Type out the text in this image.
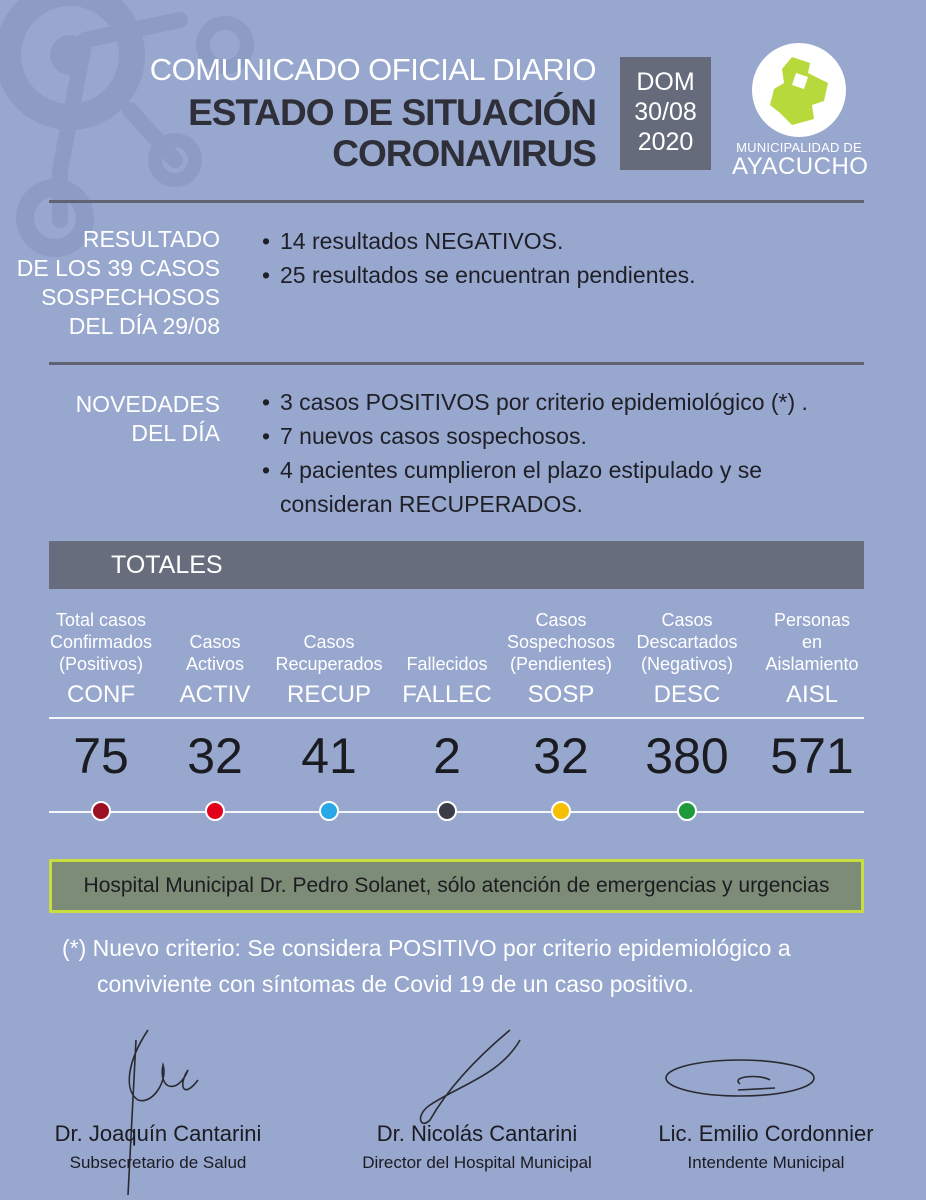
COMUNICADO OFICIAL DIARIO
ESTADO DE SITUACIÓN
CORONAVIRUS
DOM
30/08
2020	MUNICIPALIDAD DE
AYACUCHO
RESULTADO
DE LOS 39 CASOS
SOSPECHOSOS
DEL DÍA 29/08
• 14 resultados NEGATIVOS.
• 25 resultados se encuentran pendientes.
NOVEDADES
DEL DÍA
• 3 casos POSITIVOS por criterio epidemiológico (*) .
• 7 nuevos casos sospechosos.
• 4 pacientes cumplieron el plazo estipulado y se consideran RECUPERADOS.
TOTALES
Total casos
Confirmados
(Positivos)
CONF
75
Casos
Activos
ACTIV
32
Casos
Recuperados
RECUP
41
Fallecidos
FALLEC
2
Casos
Sospechosos
(Pendientes)
SOSP
32
Casos
Descartados
(Negativos)
DESC
380
Personas
en
Aislamiento
AISL
571
Hospital Municipal Dr. Pedro Solanet, sólo atención de emergencias y urgencias
(*) Nuevo criterio: Se considera POSITIVO por criterio epidemiológico a
conviviente con síntomas de Covid 19 de un caso positivo.
Dr. Joaquín Cantarini
Subsecretario de Salud
Dr. Nicolás Cantarini
Director del Hospital Municipal
Lic. Emilio Cordonnier
Intendente Municipal
